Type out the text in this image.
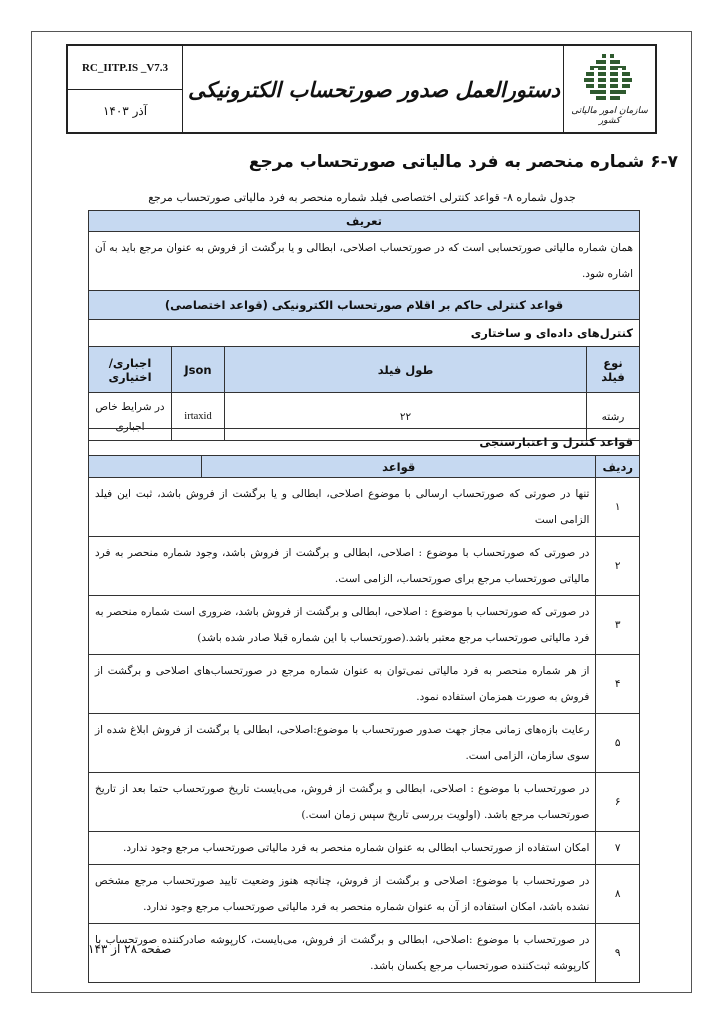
RC_IITP.IS _V7.3
آذر ۱۴۰۳
دستورالعمل صدور صورتحساب الکترونیکی
سازمان امور مالیاتی کشور
۶-۷ شماره منحصر به فرد مالیاتی صورتحساب مرجع
جدول شماره ۸- قواعد کنترلی اختصاصی فیلد شماره منحصر به فرد مالیاتی صورتحساب مرجع
تعریف			
همان شماره مالیاتی صورتحسابی است که در صورتحساب اصلاحی، ابطالی و یا برگشت از فروش به عنوان مرجع باید به آن اشاره شود.			
قواعد کنترلی حاکم بر اقلام صورتحساب الکترونیکی (قواعد اختصاصی)			
کنترل‌های داده‌ای و ساختاری			
نوع فیلد	طول فیلد	Json	اجباری/ اختیاری
رشته	۲۲	irtaxid	در شرایط خاص اجباری
قواعد کنترل و اعتبارسنجی		
ردیف	قواعد	
۱	تنها در صورتی که صورتحساب ارسالی با موضوع اصلاحی، ابطالی و یا برگشت از فروش باشد، ثبت این فیلد الزامی است	
۲	در صورتی که صورتحساب با موضوع : اصلاحی، ابطالی و برگشت از فروش باشد، وجود شماره منحصر به فرد مالیاتی صورتحساب مرجع برای صورتحساب، الزامی است.	
۳	در صورتی که صورتحساب با موضوع : اصلاحی، ابطالی و برگشت از فروش باشد، ضروری است شماره منحصر به فرد مالیاتی صورتحساب مرجع معتبر باشد.(صورتحساب با این شماره قبلا صادر شده باشد)	
۴	از هر شماره منحصر به فرد مالیاتی نمی‌توان به عنوان شماره مرجع در صورتحساب‌های اصلاحی و برگشت از فروش به صورت همزمان استفاده نمود.	
۵	رعایت بازه‌های زمانی مجاز جهت صدور صورتحساب با موضوع:اصلاحی، ابطالی یا برگشت از فروش ابلاغ شده از سوی سازمان، الزامی است.	
۶	در صورتحساب با موضوع : اصلاحی، ابطالی و برگشت از فروش، می‌بایست تاریخ صورتحساب حتما بعد از تاریخ صورتحساب مرجع باشد. (اولویت بررسی تاریخ سپس زمان است.)	
۷	امکان استفاده از صورتحساب ابطالی به عنوان شماره منحصر به فرد مالیاتی صورتحساب مرجع وجود ندارد.	
۸	در صورتحساب با موضوع: اصلاحی و برگشت از فروش، چنانچه هنوز وضعیت تایید صورتحساب مرجع مشخص نشده باشد، امکان استفاده از آن به عنوان شماره منحصر به فرد مالیاتی صورتحساب مرجع وجود ندارد.	
۹	در صورتحساب با موضوع :اصلاحی، ابطالی و برگشت از فروش، می‌بایست، کارپوشه صادرکننده صورتحساب با کارپوشه ثبت‌کننده صورتحساب مرجع یکسان باشد.	
صفحه ۲۸ از ۱۴۳
